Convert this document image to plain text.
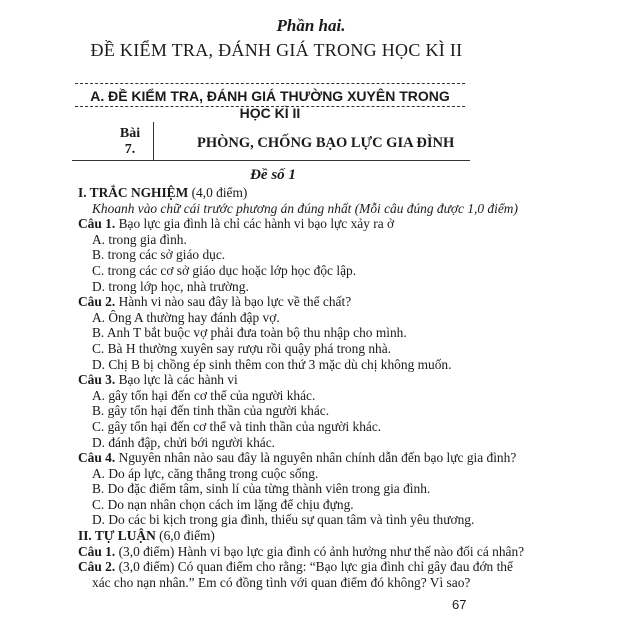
Phần hai.
ĐỀ KIỂM TRA, ĐÁNH GIÁ TRONG HỌC KÌ II
A. ĐỀ KIỂM TRA, ĐÁNH GIÁ THƯỜNG XUYÊN TRONG HỌC KÌ II
Bài
7.	PHÒNG, CHỐNG BẠO LỰC GIA ĐÌNH
Đề số 1
I. TRẮC NGHIỆM (4,0 điểm)
Khoanh vào chữ cái trước phương án đúng nhất (Mỗi câu đúng được 1,0 điểm)
Câu 1. Bạo lực gia đình là chỉ các hành vi bạo lực xảy ra ở
A. trong gia đình.
B. trong các sở giáo dục.
C. trong các cơ sở giáo dục hoặc lớp học độc lập.
D. trong lớp học, nhà trường.
Câu 2. Hành vi nào sau đây là bạo lực về thể chất?
A. Ông A thường hay đánh đập vợ.
B. Anh T bắt buộc vợ phải đưa toàn bộ thu nhập cho mình.
C. Bà H thường xuyên say rượu rồi quậy phá trong nhà.
D. Chị B bị chồng ép sinh thêm con thứ 3 mặc dù chị không muốn.
Câu 3. Bạo lực là các hành vi
A. gây tổn hại đến cơ thể của người khác.
B. gây tổn hại đến tinh thần của người khác.
C. gây tổn hại đến cơ thể và tinh thần của người khác.
D. đánh đập, chửi bới người khác.
Câu 4. Nguyên nhân nào sau đây là nguyên nhân chính dẫn đến bạo lực gia đình?
A. Do áp lực, căng thẳng trong cuộc sống.
B. Do đặc điểm tâm, sinh lí của từng thành viên trong gia đình.
C. Do nạn nhân chọn cách im lặng để chịu đựng.
D. Do các bi kịch trong gia đình, thiếu sự quan tâm và tình yêu thương.
II. TỰ LUẬN (6,0 điểm)
Câu 1. (3,0 điểm) Hành vi bạo lực gia đình có ảnh hưởng như thế nào đối cá nhân?
Câu 2. (3,0 điểm) Có quan điểm cho rằng: “Bạo lực gia đình chỉ gây đau đớn thể
xác cho nạn nhân.” Em có đồng tình với quan điểm đó không? Vì sao?
67
